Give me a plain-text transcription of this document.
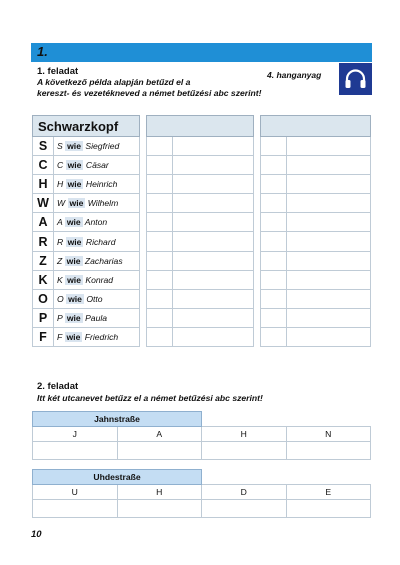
1.
1. feladat
A következő példa alapján betűzd el a
kereszt- és vezetékneved a német betűzési abc szerint!
4. hanganyag
Schwarzkopf	
S	S wie Siegfried
C	C wie Cäsar
H	H wie Heinrich
W	W wie Wilhelm
A	A wie Anton
R	R wie Richard
Z	Z wie Zacharias
K	K wie Konrad
O	O wie Otto
P	P wie Paula
F	F wie Friedrich

2. feladat
Itt két utcanevet betűzz el a német betűzési abc szerint!
Jahnstraße			
J	A	H	N

Uhdestraße			
U	H	D	E

10
